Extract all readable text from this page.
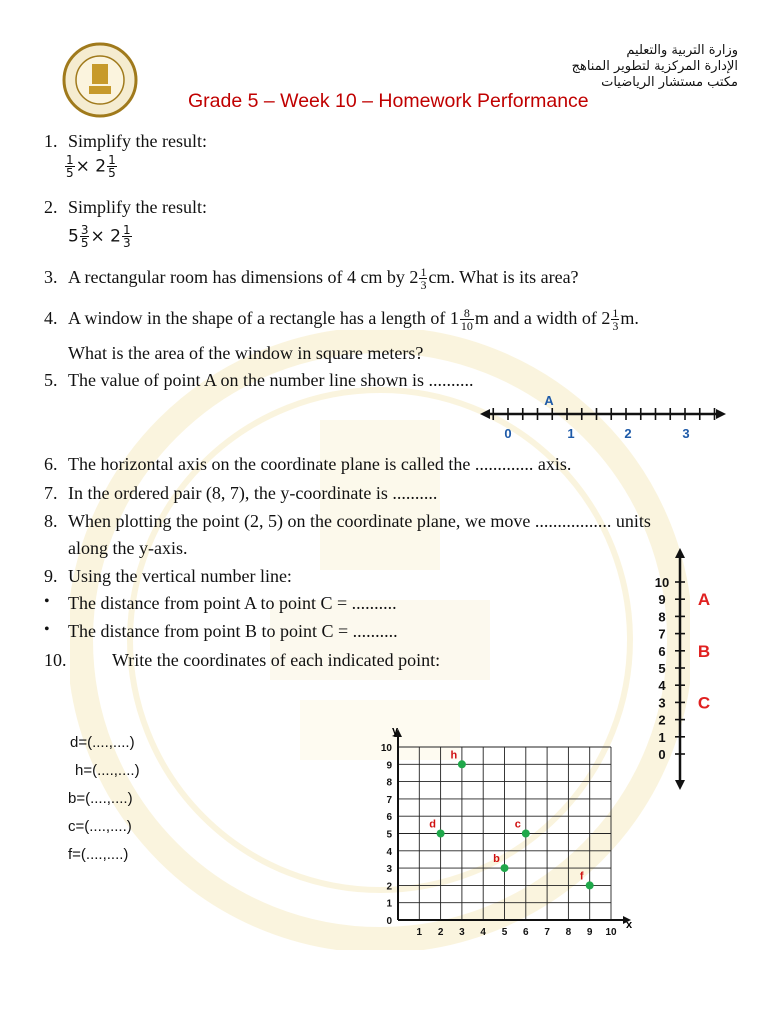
وزارة التربية والتعليم
الإدارة المركزية لتطوير المناهج
مكتب مستشار الرياضيات
Grade 5 – Week 10 – Homework Performance
1. Simplify the result:
$\frac{1}{5} \times 2 \frac{1}{5}$
2. Simplify the result:
$5 \frac{3}{5} \times 2 \frac{1}{3}$
3. A rectangular room has dimensions of 4 cm by $2 \frac{1}{3}$ cm. What is its area?
4. A window in the shape of a rectangle has a length of $1 \frac{8}{10}$ m and a width of $2 \frac{1}{3} m$.
What is the area of the window in square meters?
5. The value of point A on the number line shown is ..........
0	1	2	3
A
6. The horizontal axis on the coordinate plane is called the ............. axis.
7. In the ordered pair (8, 7), the y-coordinate is ..........
8. When plotting the point (2, 5) on the coordinate plane, we move ................. units
along the y-axis.
9. Using the vertical number line:
• The distance from point A to point C = ..........
• The distance from point B to point C = ..........
10.	Write the coordinates of each indicated point:
10
9
8
7
6
5
4
3
2
1
0
A
B
C
d=(....,....)
h=(....,....)
b=(....,....)
c=(....,....)
f=(....,....)
1 2 3 4 5 6 7 8 9 10
0
1
2
3
4
5
6
7
8
9
10
h
d	c
b
f
y
x
